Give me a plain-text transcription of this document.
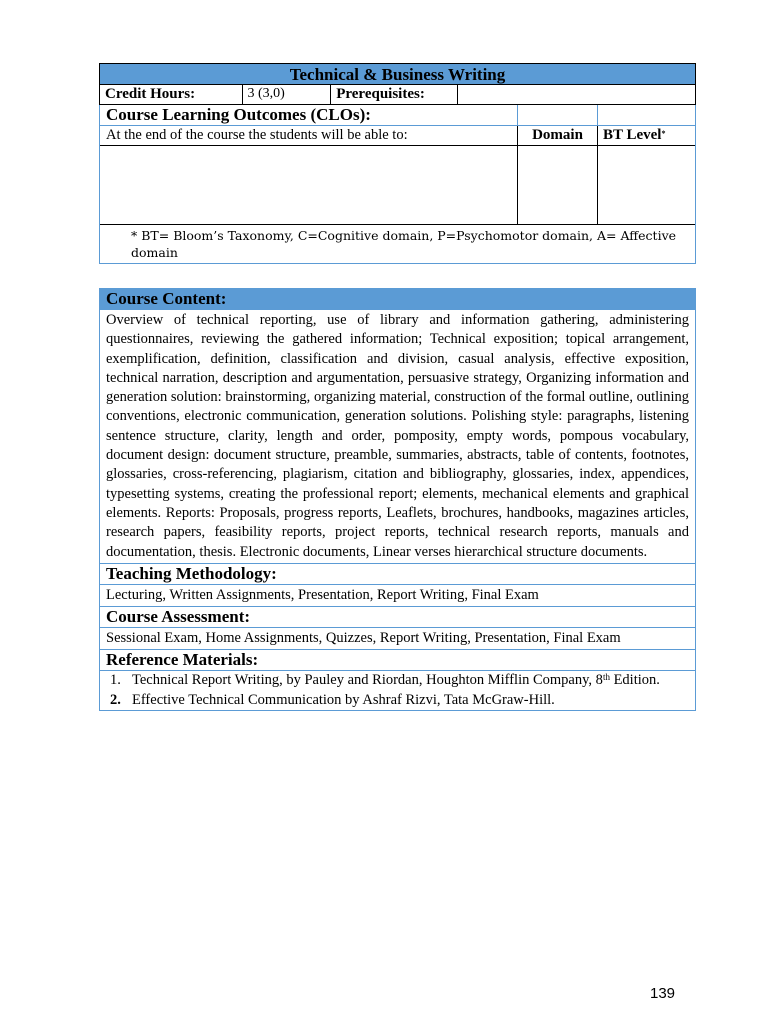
Technical & Business Writing
Credit Hours:	3 (3,0)	Prerequisites:
Course Learning Outcomes (CLOs):
At the end of the course the students will be able to:	Domain	BT Level*
* BT= Bloom’s Taxonomy, C=Cognitive domain, P=Psychomotor domain, A= Affective domain
Course Content:
Overview of technical reporting, use of library and information gathering, administering questionnaires, reviewing the gathered information; Technical exposition; topical arrangement, exemplification, definition, classification and division, casual analysis, effective exposition, technical narration, description and argumentation, persuasive strategy, Organizing information and generation solution: brainstorming, organizing material, construction of the formal outline, outlining conventions, electronic communication, generation solutions. Polishing style: paragraphs, listening sentence structure, clarity, length and order, pomposity, empty words, pompous vocabulary, document design: document structure, preamble, summaries, abstracts, table of contents, footnotes, glossaries, cross-referencing, plagiarism, citation and bibliography, glossaries, index, appendices, typesetting systems, creating the professional report; elements, mechanical elements and graphical elements. Reports: Proposals, progress reports, Leaflets, brochures, handbooks, magazines articles, research papers, feasibility reports, project reports, technical research reports, manuals and documentation, thesis. Electronic documents, Linear verses hierarchical structure documents.
Teaching Methodology:
Lecturing, Written Assignments, Presentation, Report Writing, Final Exam
Course Assessment:
Sessional Exam, Home Assignments, Quizzes, Report Writing, Presentation, Final Exam
Reference Materials:
1. Technical Report Writing, by Pauley and Riordan, Houghton Mifflin Company, 8th Edition.
2. Effective Technical Communication by Ashraf Rizvi, Tata McGraw-Hill.
139
